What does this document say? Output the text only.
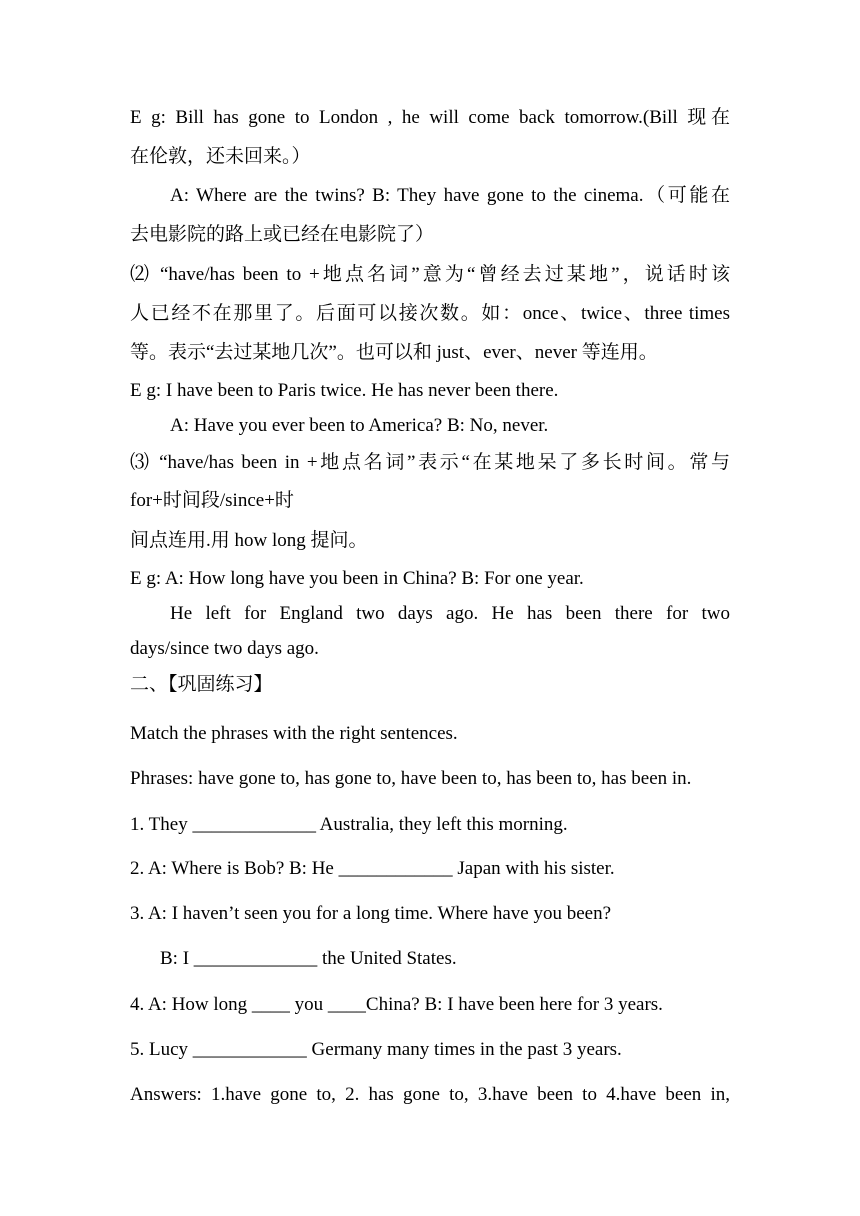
E g: Bill has gone to London , he will come back tomorrow.(Bill 现在
在伦敦，还未回来。）
A: Where are the twins? B: They have gone to the cinema.（可能在
去电影院的路上或已经在电影院了）
⑵ “have/has been to +地点名词”意为“曾经去过某地”，说话时该
人已经不在那里了。后面可以接次数。如：once、twice、three times
等。表示“去过某地几次”。也可以和 just、ever、never 等连用。
E g: I have been to Paris twice. He has never been there.
A: Have you ever been to America? B: No, never.
⑶ “have/has been in +地点名词”表示“在某地呆了多长时间。常与
for+时间段/since+时
间点连用.用 how long 提问。
E g: A: How long have you been in China? B: For one year.
He left for England two days ago. He has been there for two
days/since two days ago.
二、【巩固练习】
Match the phrases with the right sentences.
Phrases: have gone to, has gone to, have been to, has been to, has been in.
1. They _____________ Australia, they left this morning.
2. A: Where is Bob? B: He ____________ Japan with his sister.
3. A: I haven’t seen you for a long time. Where have you been?
B: I _____________ the United States.
4. A: How long ____ you ____China? B: I have been here for 3 years.
5. Lucy ____________ Germany many times in the past 3 years.
Answers: 1.have gone to, 2. has gone to, 3.have been to 4.have been in,
